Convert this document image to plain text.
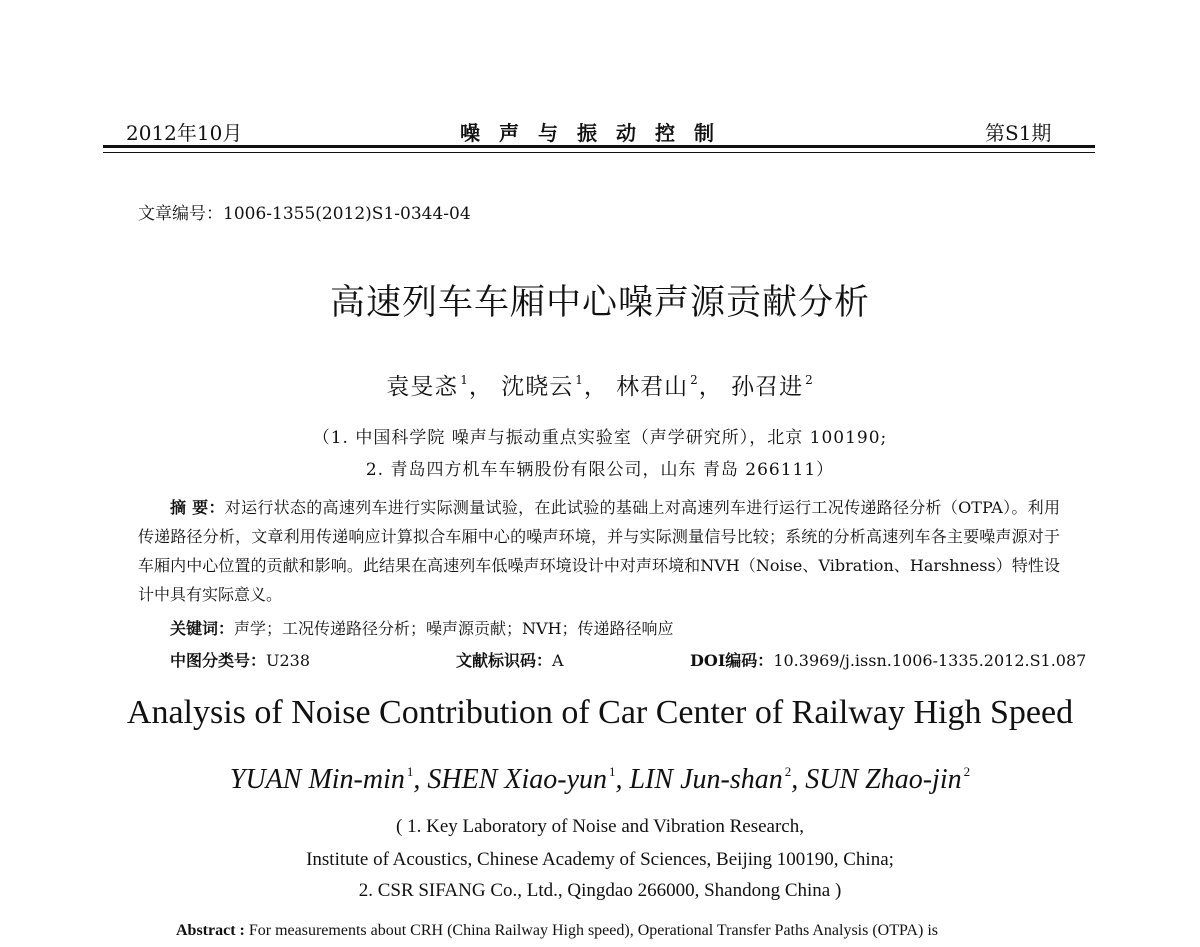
2012年10月	噪声与振动控制	第S1期
文章编号：1006-1355(2012)S1-0344-04
高速列车车厢中心噪声源贡献分析
袁旻忞 $^1$， 沈晓云 $^1$， 林君山 $^2$， 孙召进 $^2$
（1. 中国科学院 噪声与振动重点实验室（声学研究所），北京 100190;
2. 青岛四方机车车辆股份有限公司，山东 青岛 266111）
摘 要：对运行状态的高速列车进行实际测量试验，在此试验的基础上对高速列车进行运行工况传递路径分析（OTPA）。利用传递路径分析，文章利用传递响应计算拟合车厢中心的噪声环境，并与实际测量信号比较；系统的分析高速列车各主要噪声源对于车厢内中心位置的贡献和影响。此结果在高速列车低噪声环境设计中对声环境和NVH（Noise、Vibration、Harshness）特性设计中具有实际意义。
关键词：声学；工况传递路径分析；噪声源贡献；NVH；传递路径响应
中图分类号：U238	文献标识码：A	DOI编码：10.3969/j.issn.1006-1335.2012.S1.087
Analysis of Noise Contribution of Car Center of Railway High Speed
YUAN Min-min $^1$, SHEN Xiao-yun $^1$, LIN Jun-shan $^2$, SUN Zhao-jin $^2$
( 1. Key Laboratory of Noise and Vibration Research,
Institute of Acoustics, Chinese Academy of Sciences, Beijing 100190, China;
2. CSR SIFANG Co., Ltd., Qingdao 266000, Shandong China )
Abstract : For measurements about CRH (China Railway High speed), Operational Transfer Paths Analysis (OTPA) is
